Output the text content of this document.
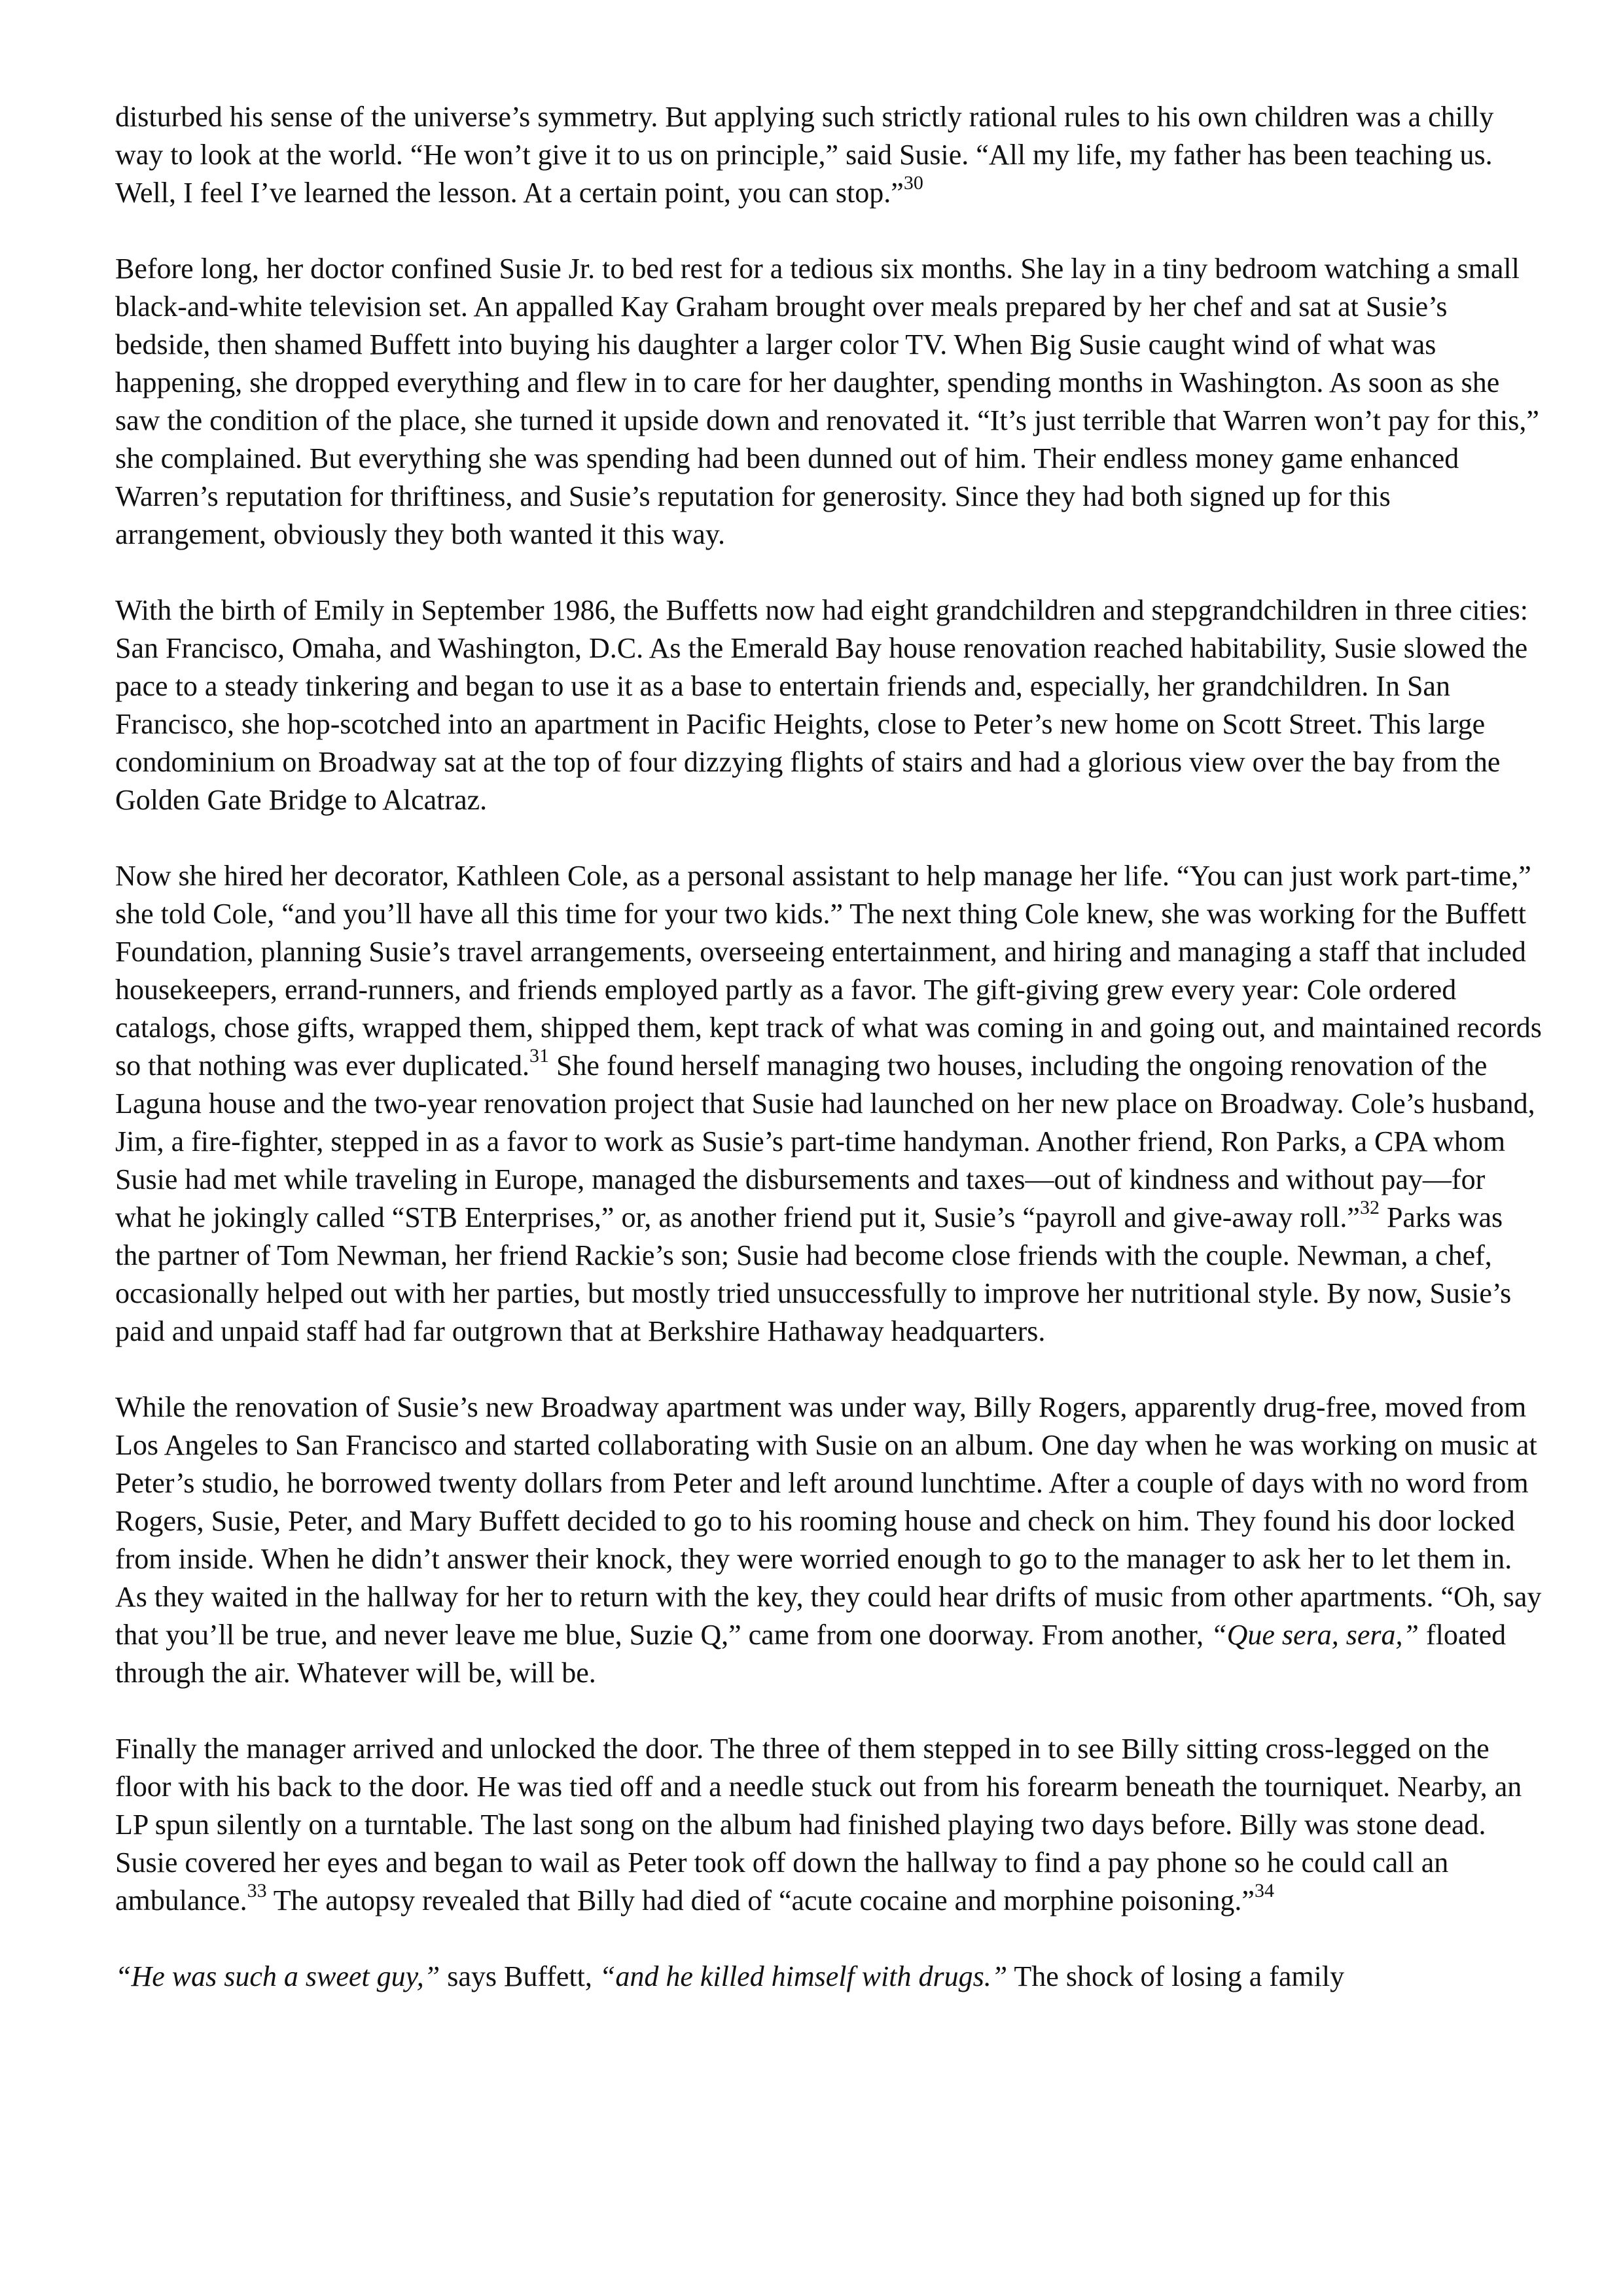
disturbed his sense of the universe’s symmetry. But applying such strictly rational rules to his own children was a chilly way to look at the world. “He won’t give it to us on principle,” said Susie. “All my life, my father has been teaching us. Well, I feel I’ve learned the lesson. At a certain point, you can stop.”$^{30}$

Before long, her doctor confined Susie Jr. to bed rest for a tedious six months. She lay in a tiny bedroom watching a small black-and-white television set. An appalled Kay Graham brought over meals prepared by her chef and sat at Susie’s bedside, then shamed Buffett into buying his daughter a larger color TV. When Big Susie caught wind of what was happening, she dropped everything and flew in to care for her daughter, spending months in Washington. As soon as she saw the condition of the place, she turned it upside down and renovated it. “It’s just terrible that Warren won’t pay for this,” she complained. But everything she was spending had been dunned out of him. Their endless money game enhanced Warren’s reputation for thriftiness, and Susie’s reputation for generosity. Since they had both signed up for this arrangement, obviously they both wanted it this way.

With the birth of Emily in September 1986, the Buffetts now had eight grandchildren and stepgrandchildren in three cities: San Francisco, Omaha, and Washington, D.C. As the Emerald Bay house renovation reached habitability, Susie slowed the pace to a steady tinkering and began to use it as a base to entertain friends and, especially, her grandchildren. In San Francisco, she hop-scotched into an apartment in Pacific Heights, close to Peter’s new home on Scott Street. This large condominium on Broadway sat at the top of four dizzying flights of stairs and had a glorious view over the bay from the Golden Gate Bridge to Alcatraz.

Now she hired her decorator, Kathleen Cole, as a personal assistant to help manage her life. “You can just work part-time,” she told Cole, “and you’ll have all this time for your two kids.” The next thing Cole knew, she was working for the Buffett Foundation, planning Susie’s travel arrangements, overseeing entertainment, and hiring and managing a staff that included housekeepers, errand-runners, and friends employed partly as a favor. The gift-giving grew every year: Cole ordered catalogs, chose gifts, wrapped them, shipped them, kept track of what was coming in and going out, and maintained records so that nothing was ever duplicated.$^{31}$ She found herself managing two houses, including the ongoing renovation of the Laguna house and the two-year renovation project that Susie had launched on her new place on Broadway. Cole’s husband, Jim, a fire-fighter, stepped in as a favor to work as Susie’s part-time handyman. Another friend, Ron Parks, a CPA whom Susie had met while traveling in Europe, managed the disbursements and taxes—out of kindness and without pay—for what he jokingly called “STB Enterprises,” or, as another friend put it, Susie’s “payroll and give-away roll.”$^{32}$ Parks was the partner of Tom Newman, her friend Rackie’s son; Susie had become close friends with the couple. Newman, a chef, occasionally helped out with her parties, but mostly tried unsuccessfully to improve her nutritional style. By now, Susie’s paid and unpaid staff had far outgrown that at Berkshire Hathaway headquarters.

While the renovation of Susie’s new Broadway apartment was under way, Billy Rogers, apparently drug-free, moved from Los Angeles to San Francisco and started collaborating with Susie on an album. One day when he was working on music at Peter’s studio, he borrowed twenty dollars from Peter and left around lunchtime. After a couple of days with no word from Rogers, Susie, Peter, and Mary Buffett decided to go to his rooming house and check on him. They found his door locked from inside. When he didn’t answer their knock, they were worried enough to go to the manager to ask her to let them in. As they waited in the hallway for her to return with the key, they could hear drifts of music from other apartments. “Oh, say that you’ll be true, and never leave me blue, Suzie Q,” came from one doorway. From another, “Que sera, sera,” floated through the air. Whatever will be, will be.

Finally the manager arrived and unlocked the door. The three of them stepped in to see Billy sitting cross-legged on the floor with his back to the door. He was tied off and a needle stuck out from his forearm beneath the tourniquet. Nearby, an LP spun silently on a turntable. The last song on the album had finished playing two days before. Billy was stone dead. Susie covered her eyes and began to wail as Peter took off down the hallway to find a pay phone so he could call an ambulance.$^{33}$ The autopsy revealed that Billy had died of “acute cocaine and morphine poisoning.”$^{34}$

“He was such a sweet guy,” says Buffett, “and he killed himself with drugs.” The shock of losing a family
